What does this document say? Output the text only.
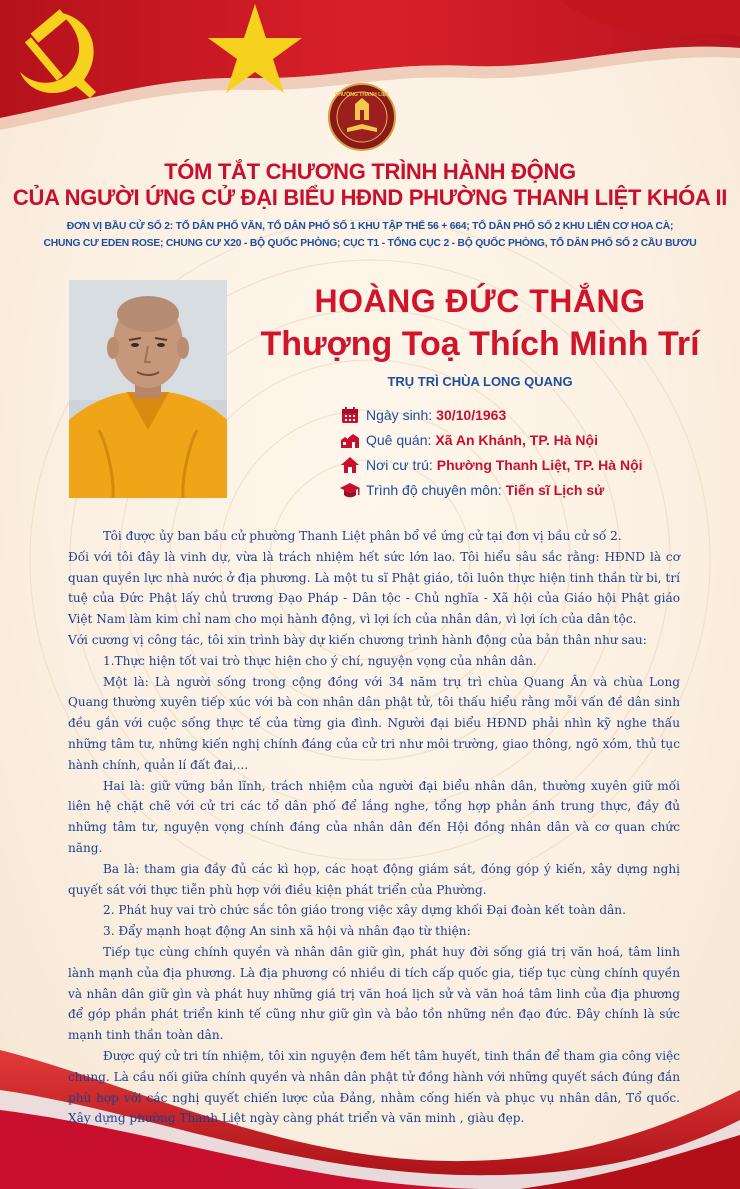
PHƯỜNG THANH LIỆT
TÓM TẮT CHƯƠNG TRÌNH HÀNH ĐỘNG
CỦA NGƯỜI ỨNG CỬ ĐẠI BIỂU HĐND PHƯỜNG THANH LIỆT KHÓA II
ĐƠN VỊ BẦU CỬ SỐ 2: TỔ DÂN PHỐ VĂN, TỔ DÂN PHỐ SỐ 1 KHU TẬP THỂ 56 + 664; TỔ DÂN PHỐ SỐ 2 KHU LIÊN CƠ HOA CÀ;
CHUNG CƯ EDEN ROSE; CHUNG CƯ X20 - BỘ QUỐC PHÒNG; CỤC T1 - TỔNG CỤC 2 - BỘ QUỐC PHÒNG, TỔ DÂN PHỐ SỐ 2 CẦU BƯƠU
HOÀNG ĐỨC THẮNG
Thượng Toạ Thích Minh Trí
TRỤ TRÌ CHÙA LONG QUANG
Ngày sinh: 30/10/1963
Quê quán: Xã An Khánh, TP. Hà Nội
Nơi cư trú: Phường Thanh Liệt, TP. Hà Nội
Trình độ chuyên môn: Tiến sĩ Lịch sử

Tôi được ủy ban bầu cử phường Thanh Liệt phân bổ về ứng cử tại đơn vị bầu cử số 2.

Đối với tôi đây là vinh dự, vừa là trách nhiệm hết sức lớn lao. Tôi hiểu sâu sắc rằng: HĐND là cơ quan quyền lực nhà nước ở địa phương. Là một tu sĩ Phật giáo, tôi luôn thực hiện tinh thần từ bi, trí tuệ của Đức Phật lấy chủ trương Đạo Pháp - Dân tộc - Chủ nghĩa - Xã hội của Giáo hội Phật giáo Việt Nam làm kim chỉ nam cho mọi hành động, vì lợi ích của nhân dân, vì lợi ích của dân tộc.

Với cương vị công tác, tôi xin trình bày dự kiến chương trình hành động của bản thân như sau:

1.Thực hiện tốt vai trò thực hiện cho ý chí, nguyện vọng của nhân dân.

Một là: Là người sống trong cộng đồng với 34 năm trụ trì chùa Quang Ân và chùa Long Quang thường xuyên tiếp xúc với bà con nhân dân phật tử, tôi thấu hiểu rằng mỗi vấn đề dân sinh đều gắn với cuộc sống thực tế của từng gia đình. Người đại biểu HĐND phải nhìn kỹ nghe thấu những tâm tư, những kiến nghị chính đáng của cử tri như môi trường, giao thông, ngõ xóm, thủ tục hành chính, quản lí đất đai,...

Hai là: giữ vững bản lĩnh, trách nhiệm của người đại biểu nhân dân, thường xuyên giữ mối liên hệ chặt chẽ với cử tri các tổ dân phố để lắng nghe, tổng hợp phản ánh trung thực, đầy đủ những tâm tư, nguyện vọng chính đáng của nhân dân đến Hội đồng nhân dân và cơ quan chức năng.

Ba là: tham gia đầy đủ các kì họp, các hoạt động giám sát, đóng góp ý kiến, xây dựng nghị quyết sát với thực tiễn phù hợp với điều kiện phát triển của Phường.

2. Phát huy vai trò chức sắc tôn giáo trong việc xây dựng khối Đại đoàn kết toàn dân.

3. Đẩy mạnh hoạt động An sinh xã hội và nhân đạo từ thiện:

Tiếp tục cùng chính quyền và nhân dân giữ gìn, phát huy đời sống giá trị văn hoá, tâm linh lành mạnh của địa phương. Là địa phương có nhiều di tích cấp quốc gia, tiếp tục cùng chính quyền và nhân dân giữ gìn và phát huy những giá trị văn hoá lịch sử và văn hoá tâm linh của địa phương để góp phần phát triển kinh tế cũng như giữ gìn và bảo tồn những nền đạo đức. Đây chính là sức mạnh tinh thần toàn dân.

Được quý cử tri tín nhiệm, tôi xin nguyện đem hết tâm huyết, tinh thần để tham gia công việc chung. Là cầu nối giữa chính quyền và nhân dân phật tử đồng hành với những quyết sách đúng đắn phù hợp với các nghị quyết chiến lược của Đảng, nhằm cống hiến và phục vụ nhân dân, Tổ quốc. Xây dựng phường Thanh Liệt ngày càng phát triển và văn minh , giàu đẹp.
